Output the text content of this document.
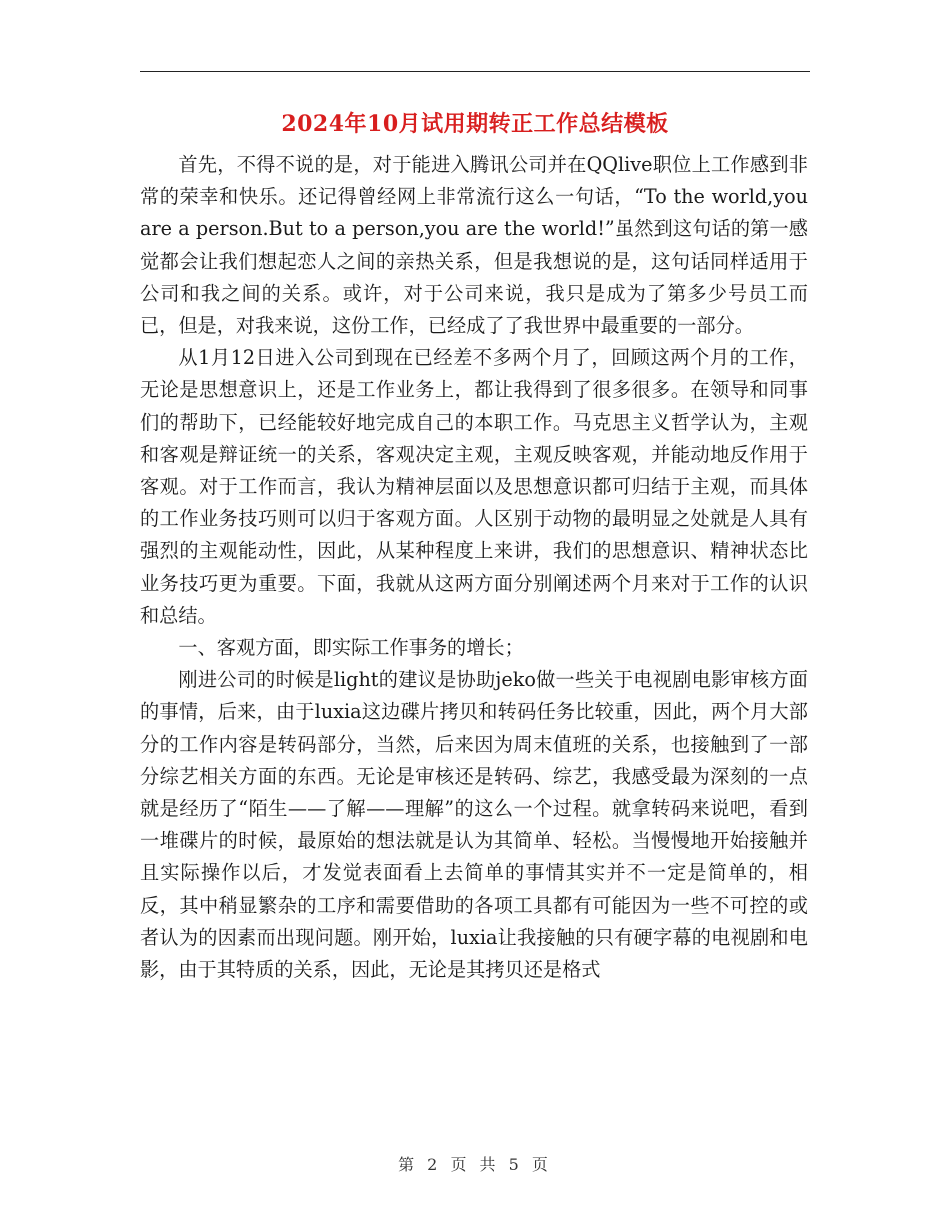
2024年10月试用期转正工作总结模板

首先，不得不说的是，对于能进入腾讯公司并在QQlive职位上工作感到非常的荣幸和快乐。还记得曾经网上非常流行这么一句话，“To the world,you are a person.But to a person,you are the world!”虽然到这句话的第一感觉都会让我们想起恋人之间的亲热关系，但是我想说的是，这句话同样适用于公司和我之间的关系。或许，对于公司来说，我只是成为了第多少号员工而已，但是，对我来说，这份工作，已经成了了我世界中最重要的一部分。

从1月12日进入公司到现在已经差不多两个月了，回顾这两个月的工作，无论是思想意识上，还是工作业务上，都让我得到了很多很多。在领导和同事们的帮助下，已经能较好地完成自己的本职工作。马克思主义哲学认为，主观和客观是辩证统一的关系，客观决定主观，主观反映客观，并能动地反作用于客观。对于工作而言，我认为精神层面以及思想意识都可归结于主观，而具体的工作业务技巧则可以归于客观方面。人区别于动物的最明显之处就是人具有强烈的主观能动性，因此，从某种程度上来讲，我们的思想意识、精神状态比业务技巧更为重要。下面，我就从这两方面分别阐述两个月来对于工作的认识和总结。

一、客观方面，即实际工作事务的增长；

刚进公司的时候是light的建议是协助jeko做一些关于电视剧电影审核方面的事情，后来，由于luxia这边碟片拷贝和转码任务比较重，因此，两个月大部分的工作内容是转码部分，当然，后来因为周末值班的关系，也接触到了一部分综艺相关方面的东西。无论是审核还是转码、综艺，我感受最为深刻的一点就是经历了“陌生——了解——理解”的这么一个过程。就拿转码来说吧，看到一堆碟片的时候，最原始的想法就是认为其简单、轻松。当慢慢地开始接触并且实际操作以后，才发觉表面看上去简单的事情其实并不一定是简单的，相反，其中稍显繁杂的工序和需要借助的各项工具都有可能因为一些不可控的或者认为的因素而出现问题。刚开始，luxia让我接触的只有硬字幕的电视剧和电影，由于其特质的关系，因此，无论是其拷贝还是格式

第 2 页 共 5 页
